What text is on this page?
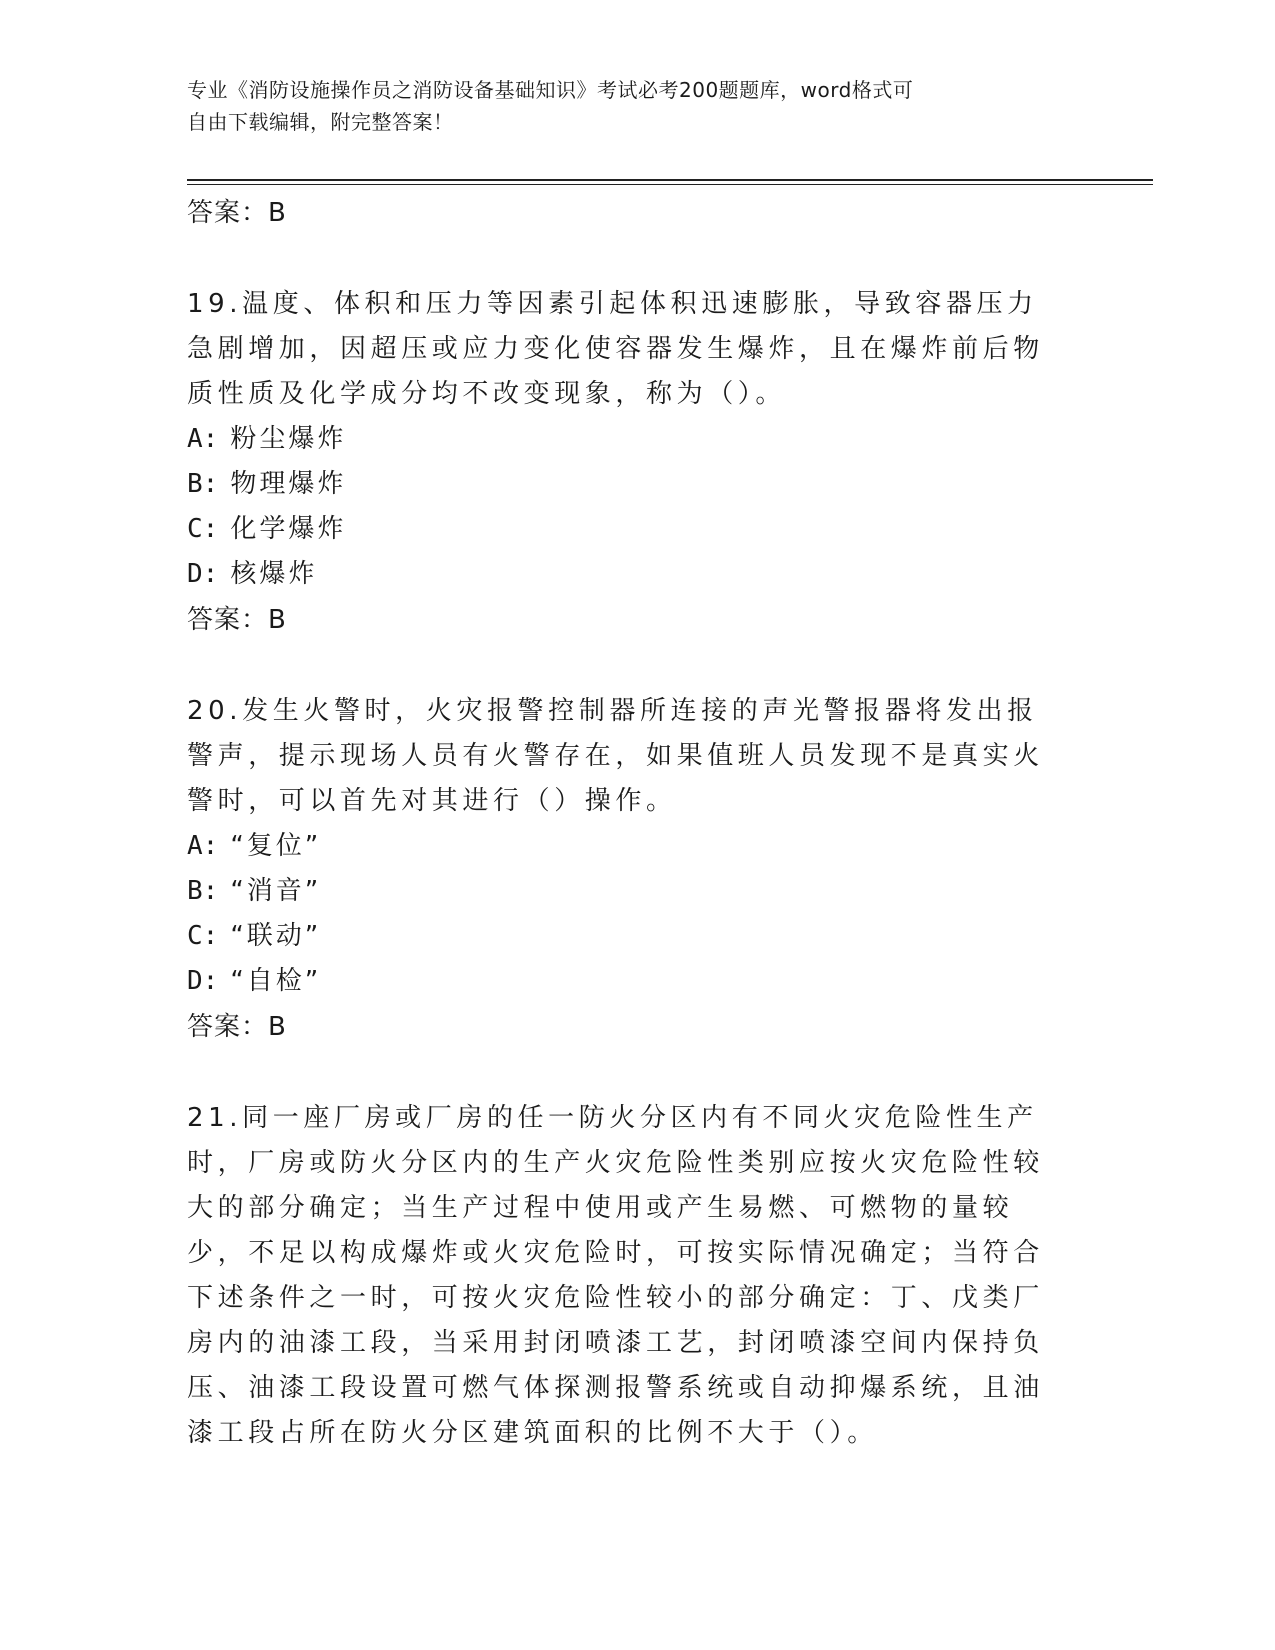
专业《消防设施操作员之消防设备基础知识》考试必考200题题库，word格式可
自由下载编辑，附完整答案！
答案：B
19.温度、体积和压力等因素引起体积迅速膨胀，导致容器压力急剧增加，因超压或应力变化使容器发生爆炸，且在爆炸前后物质性质及化学成分均不改变现象，称为（）。
A: 粉尘爆炸
B: 物理爆炸
C: 化学爆炸
D: 核爆炸
答案：B
20.发生火警时，火灾报警控制器所连接的声光警报器将发出报警声，提示现场人员有火警存在，如果值班人员发现不是真实火警时，可以首先对其进行（）操作。
A: “复位”
B: “消音”
C: “联动”
D: “自检”
答案：B
21.同一座厂房或厂房的任一防火分区内有不同火灾危险性生产时，厂房或防火分区内的生产火灾危险性类别应按火灾危险性较大的部分确定；当生产过程中使用或产生易燃、可燃物的量较少，不足以构成爆炸或火灾危险时，可按实际情况确定；当符合下述条件之一时，可按火灾危险性较小的部分确定：丁、戊类厂房内的油漆工段，当采用封闭喷漆工艺，封闭喷漆空间内保持负压、油漆工段设置可燃气体探测报警系统或自动抑爆系统，且油漆工段占所在防火分区建筑面积的比例不大于（）。
